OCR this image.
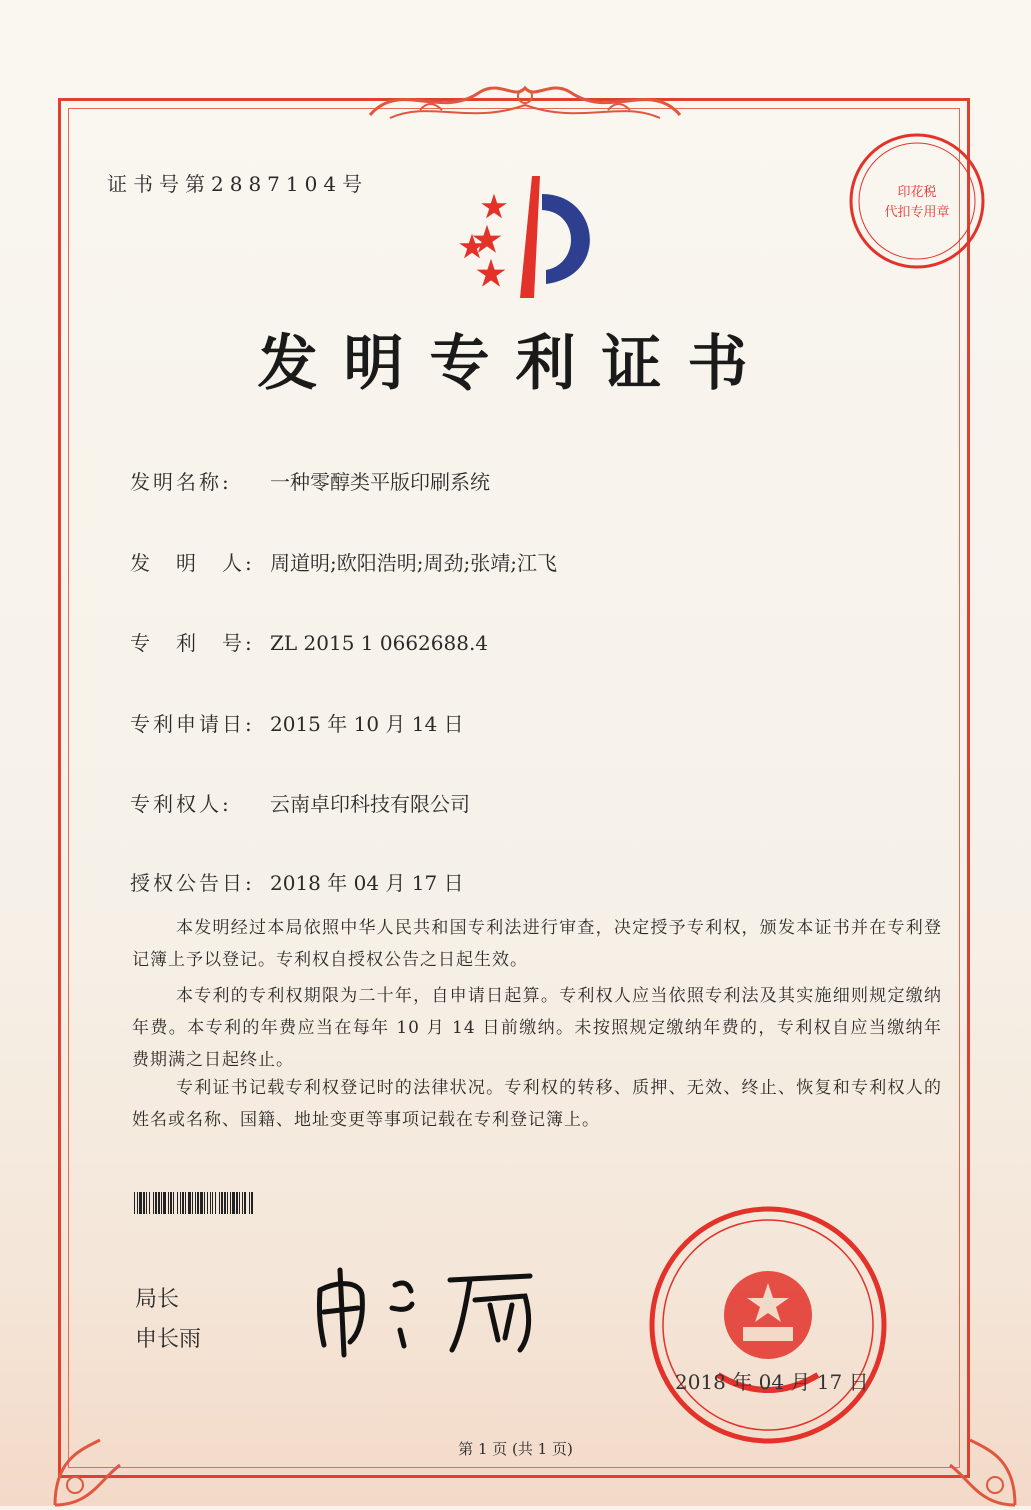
证书号第2887104号
发明专利证书
发明名称: 一种零醇类平版印刷系统
发　明　人: 周道明;欧阳浩明;周劲;张靖;江飞
专　利　号: ZL 2015 1 0662688.4
专利申请日: 2015 年 10 月 14 日
专利权人: 云南卓印科技有限公司
授权公告日: 2018 年 04 月 17 日
本发明经过本局依照中华人民共和国专利法进行审查，决定授予专利权，颁发本证书并在专利登记簿上予以登记。专利权自授权公告之日起生效。
本专利的专利权期限为二十年，自申请日起算。专利权人应当依照专利法及其实施细则规定缴纳年费。本专利的年费应当在每年 10 月 14 日前缴纳。未按照规定缴纳年费的，专利权自应当缴纳年费期满之日起终止。
专利证书记载专利权登记时的法律状况。专利权的转移、质押、无效、终止、恢复和专利权人的姓名或名称、国籍、地址变更等事项记载在专利登记簿上。
局长
申长雨
印花税
代扣专用章
2018 年 04 月 17 日
第 1 页 (共 1 页)
